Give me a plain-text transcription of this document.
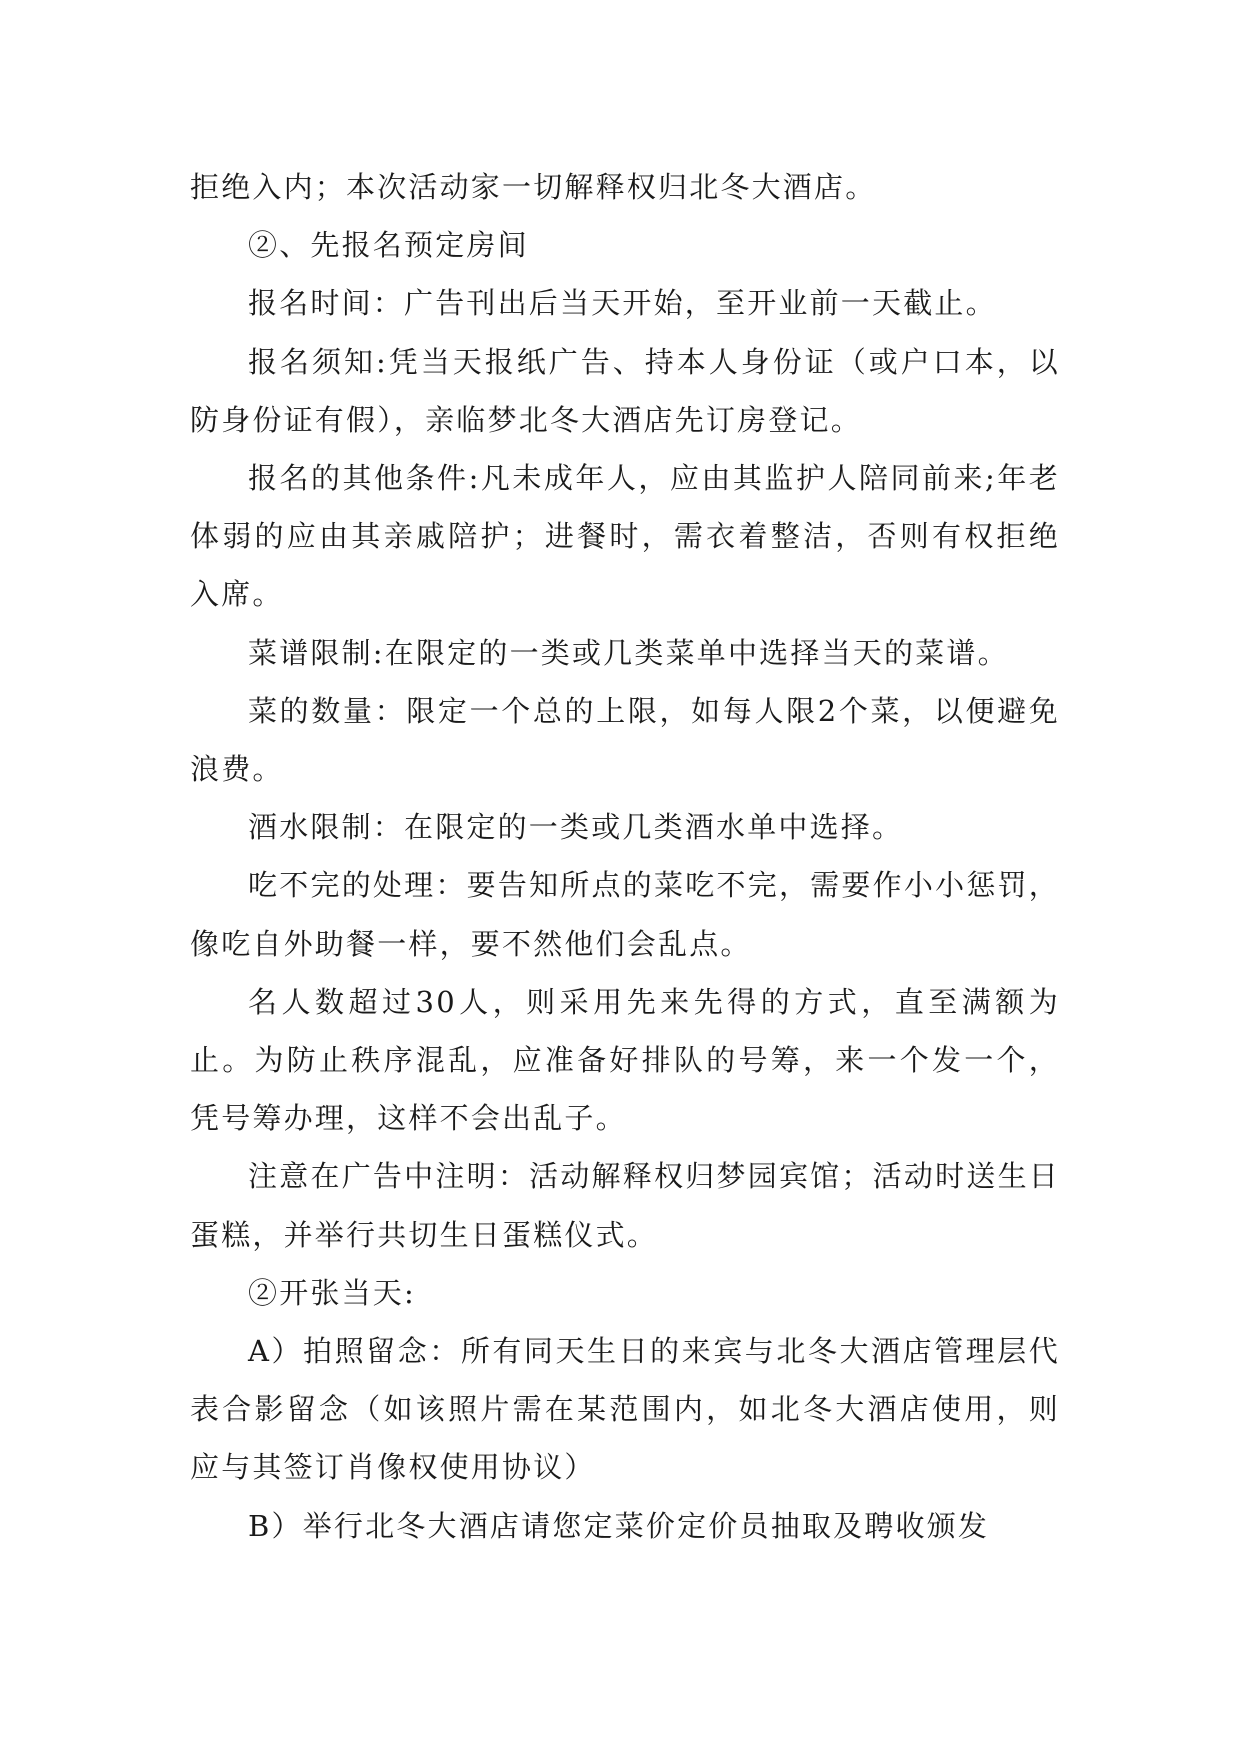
拒绝入内；本次活动家一切解释权归北冬大酒店。

②、先报名预定房间

报名时间：广告刊出后当天开始，至开业前一天截止。

报名须知:凭当天报纸广告、持本人身份证（或户口本，以防身份证有假），亲临梦北冬大酒店先订房登记。

报名的其他条件:凡未成年人，应由其监护人陪同前来;年老体弱的应由其亲戚陪护；进餐时，需衣着整洁，否则有权拒绝入席。

菜谱限制:在限定的一类或几类菜单中选择当天的菜谱。

菜的数量：限定一个总的上限，如每人限2个菜，以便避免浪费。

酒水限制：在限定的一类或几类酒水单中选择。

吃不完的处理：要告知所点的菜吃不完，需要作小小惩罚，像吃自外助餐一样，要不然他们会乱点。

名人数超过30人，则采用先来先得的方式，直至满额为止。为防止秩序混乱，应准备好排队的号筹，来一个发一个，凭号筹办理，这样不会出乱子。

注意在广告中注明：活动解释权归梦园宾馆；活动时送生日蛋糕，并举行共切生日蛋糕仪式。

②开张当天:

A）拍照留念：所有同天生日的来宾与北冬大酒店管理层代表合影留念（如该照片需在某范围内，如北冬大酒店使用，则应与其签订肖像权使用协议）

B）举行北冬大酒店请您定菜价定价员抽取及聘收颁发
